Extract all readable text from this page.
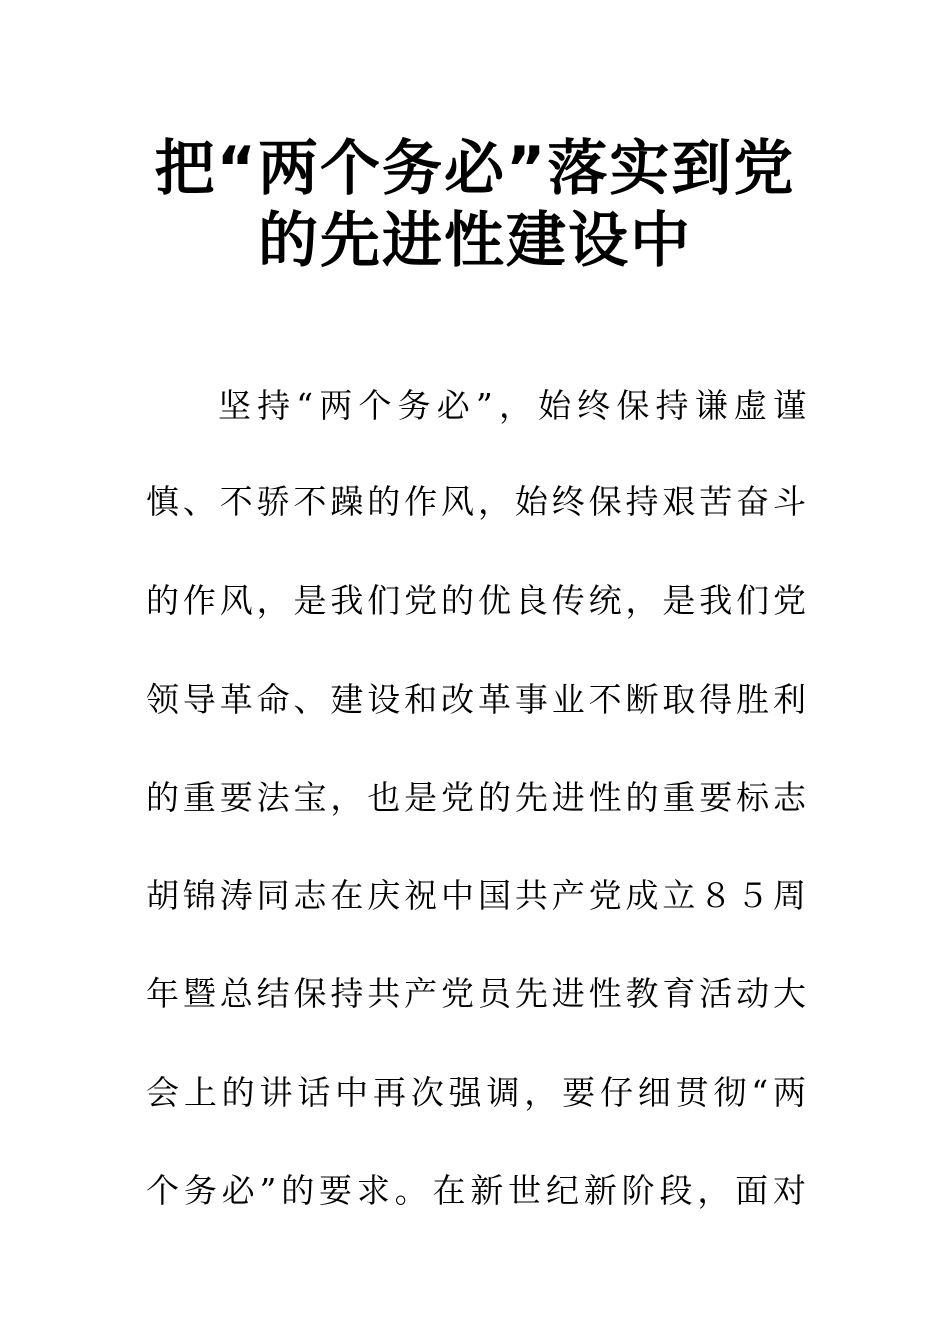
把“两个务必”落实到党
的先进性建设中

坚持“两个务必”，始终保持谦虚谨

慎、不骄不躁的作风，始终保持艰苦奋斗

的作风，是我们党的优良传统，是我们党

领导革命、建设和改革事业不断取得胜利

的重要法宝，也是党的先进性的重要标志

胡锦涛同志在庆祝中国共产党成立８５周

年暨总结保持共产党员先进性教育活动大

会上的讲话中再次强调，要仔细贯彻“两

个务必”的要求。在新世纪新阶段，面对
